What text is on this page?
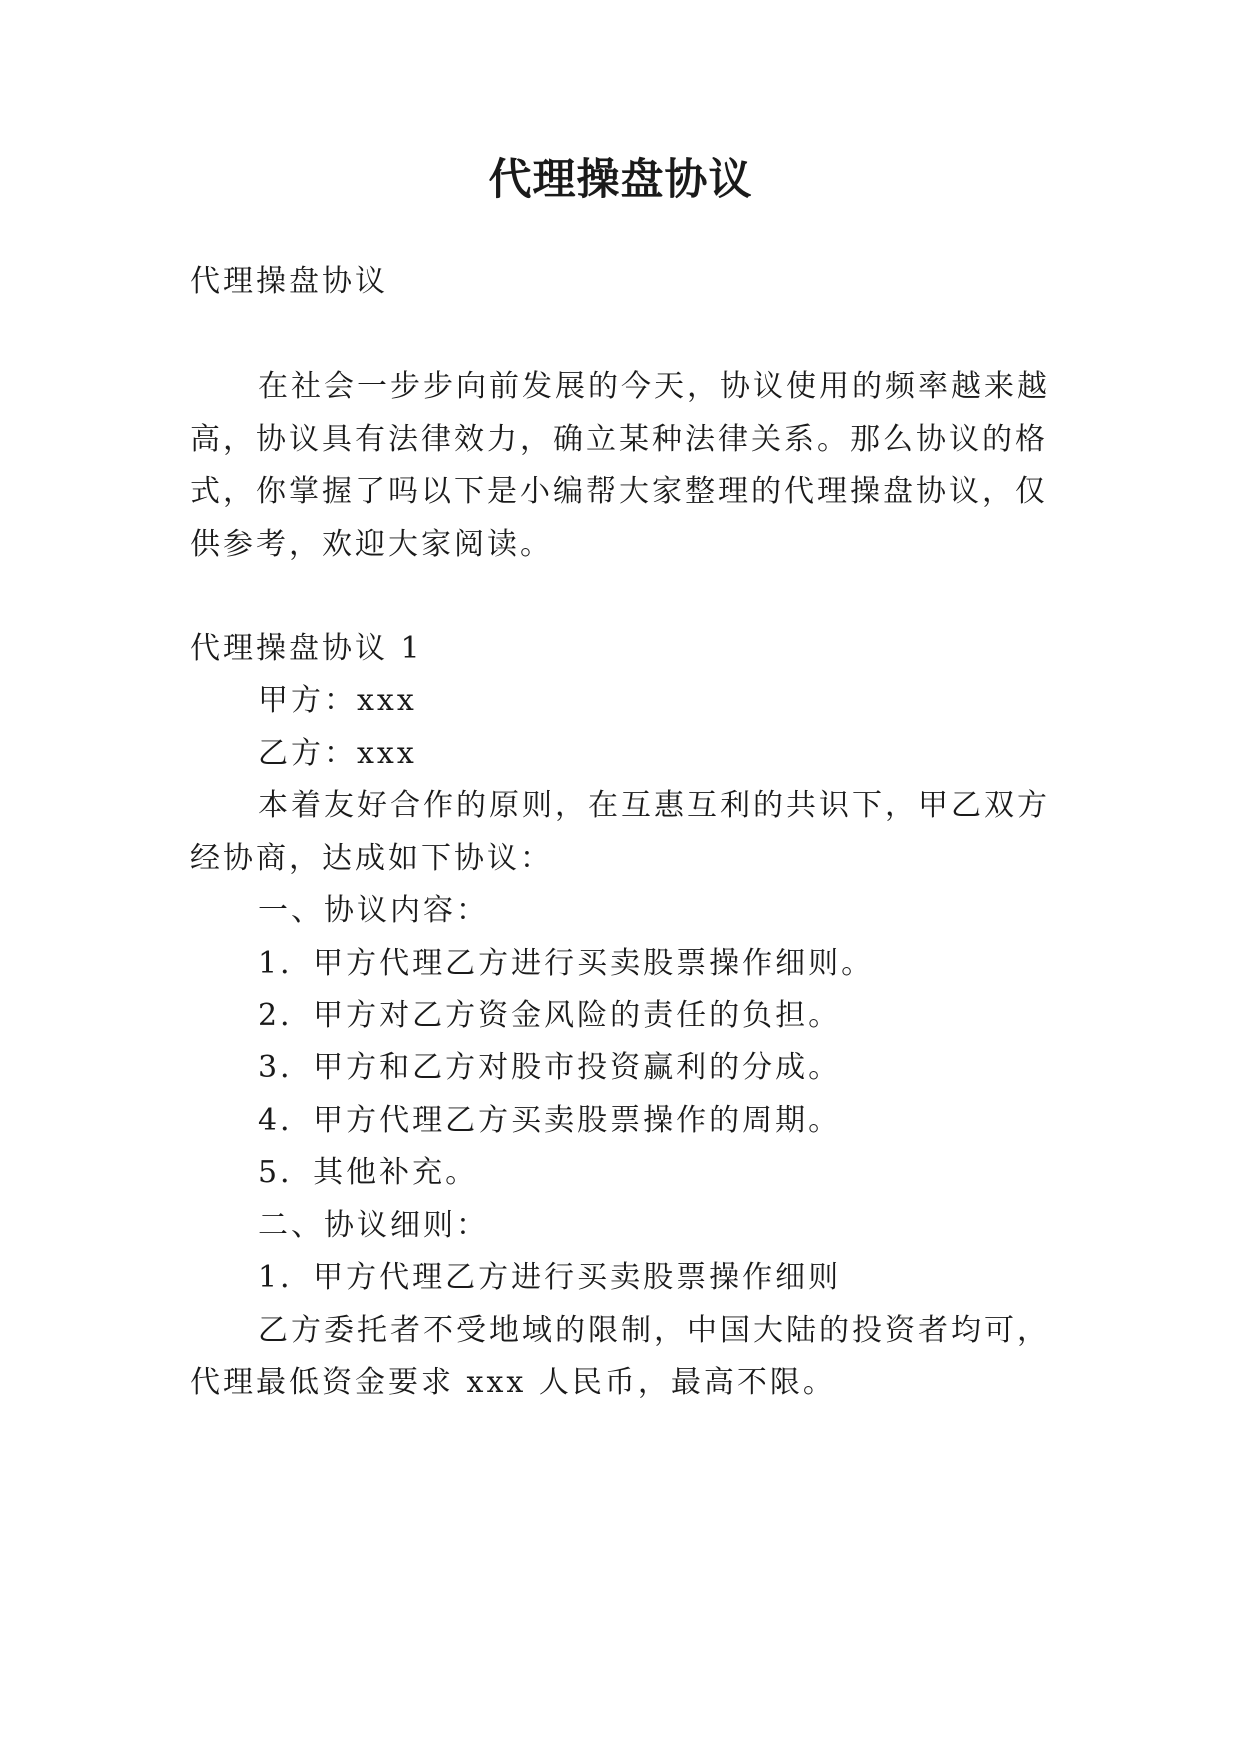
代理操盘协议

代理操盘协议

在社会一步步向前发展的今天，协议使用的频率越来越

高，协议具有法律效力，确立某种法律关系。那么协议的格

式，你掌握了吗以下是小编帮大家整理的代理操盘协议，仅

供参考，欢迎大家阅读。

代理操盘协议 1

甲方：xxx

乙方：xxx

本着友好合作的原则，在互惠互利的共识下，甲乙双方

经协商，达成如下协议：

一、协议内容：

1．甲方代理乙方进行买卖股票操作细则。

2．甲方对乙方资金风险的责任的负担。

3．甲方和乙方对股市投资赢利的分成。

4．甲方代理乙方买卖股票操作的周期。

5．其他补充。

二、协议细则：

1．甲方代理乙方进行买卖股票操作细则

乙方委托者不受地域的限制，中国大陆的投资者均可，

代理最低资金要求 xxx 人民币，最高不限。
